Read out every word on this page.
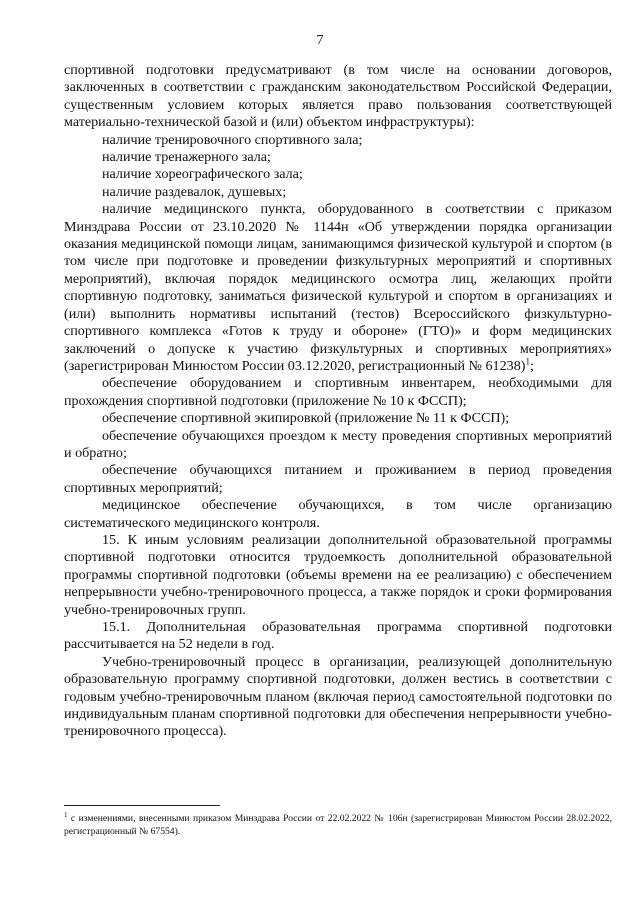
7

спортивной подготовки предусматривают (в том числе на основании договоров, заключенных в соответствии с гражданским законодательством Российской Федерации, существенным условием которых является право пользования соответствующей материально-технической базой и (или) объектом инфраструктуры):

наличие тренировочного спортивного зала;

наличие тренажерного зала;

наличие хореографического зала;

наличие раздевалок, душевых;

наличие медицинского пункта, оборудованного в соответствии с приказом Минздрава России от 23.10.2020 № 1144н «Об утверждении порядка организации оказания медицинской помощи лицам, занимающимся физической культурой и спортом (в том числе при подготовке и проведении физкультурных мероприятий и спортивных мероприятий), включая порядок медицинского осмотра лиц, желающих пройти спортивную подготовку, заниматься физической культурой и спортом в организациях и (или) выполнить нормативы испытаний (тестов) Всероссийского физкультурно-спортивного комплекса «Готов к труду и обороне» (ГТО)» и форм медицинских заключений о допуске к участию физкультурных и спортивных мероприятиях» (зарегистрирован Минюстом России 03.12.2020, регистрационный № 61238)$^1$;

обеспечение оборудованием и спортивным инвентарем, необходимыми для прохождения спортивной подготовки (приложение № 10 к ФССП);

обеспечение спортивной экипировкой (приложение № 11 к ФССП);

обеспечение обучающихся проездом к месту проведения спортивных мероприятий и обратно;

обеспечение обучающихся питанием и проживанием в период проведения спортивных мероприятий;

медицинское обеспечение обучающихся, в том числе организацию систематического медицинского контроля.

15. К иным условиям реализации дополнительной образовательной программы спортивной подготовки относится трудоемкость дополнительной образовательной программы спортивной подготовки (объемы времени на ее реализацию) с обеспечением непрерывности учебно-тренировочного процесса, а также порядок и сроки формирования учебно-тренировочных групп.

15.1. Дополнительная образовательная программа спортивной подготовки рассчитывается на 52 недели в год.

Учебно-тренировочный процесс в организации, реализующей дополнительную образовательную программу спортивной подготовки, должен вестись в соответствии с годовым учебно-тренировочным планом (включая период самостоятельной подготовки по индивидуальным планам спортивной подготовки для обеспечения непрерывности учебно-тренировочного процесса).

$^1$ с изменениями, внесенными приказом Минздрава России от 22.02.2022 № 106н (зарегистрирован Минюстом России 28.02.2022, регистрационный № 67554).
